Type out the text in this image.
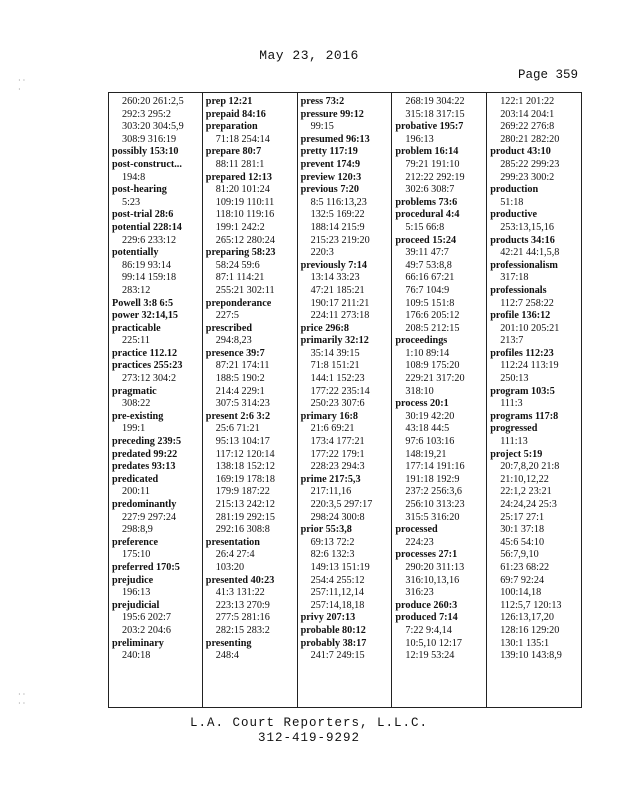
· ·
·
· ·
· ·
May 23, 2016
Page 359
260:20 261:2,5
292:3 295:2
303:20 304:5,9
308:9 316:19
possibly 153:10
post-construct...
194:8
post-hearing
5:23
post-trial 28:6
potential 228:14
229:6 233:12
potentially
86:19 93:14
99:14 159:18
283:12
Powell 3:8 6:5
power 32:14,15
practicable
225:11
practice 112.12
practices 255:23
273:12 304:2
pragmatic
308:22
pre-existing
199:1
preceding 239:5
predated 99:22
predates 93:13
predicated
200:11
predominantly
227:9 297:24
298:8,9
preference
175:10
preferred 170:5
prejudice
196:13
prejudicial
195:6 202:7
203:2 204:6
preliminary
240:18
prep 12:21
prepaid 84:16
preparation
71:18 254:14
prepare 80:7
88:11 281:1
prepared 12:13
81:20 101:24
109:19 110:11
118:10 119:16
199:1 242:2
265:12 280:24
preparing 58:23
58:24 59:6
87:1 114:21
255:21 302:11
preponderance
227:5
prescribed
294:8,23
presence 39:7
87:21 174:11
188:5 190:2
214:4 229:1
307:5 314:23
present 2:6 3:2
25:6 71:21
95:13 104:17
117:12 120:14
138:18 152:12
169:19 178:18
179:9 187:22
215:13 242:12
281:19 292:15
292:16 308:8
presentation
26:4 27:4
103:20
presented 40:23
41:3 131:22
223:13 270:9
277:5 281:16
282:15 283:2
presenting
248:4
press 73:2
pressure 99:12
99:15
presumed 96:13
pretty 117:19
prevent 174:9
preview 120:3
previous 7:20
8:5 116:13,23
132:5 169:22
188:14 215:9
215:23 219:20
220:3
previously 7:14
13:14 33:23
47:21 185:21
190:17 211:21
224:11 273:18
price 296:8
primarily 32:12
35:14 39:15
71:8 151:21
144:1 152:23
177:22 235:14
250:23 307:6
primary 16:8
21:6 69:21
173:4 177:21
177:22 179:1
228:23 294:3
prime 217:5,3
217:11,16
220:3,5 297:17
298:24 300:8
prior 55:3,8
69:13 72:2
82:6 132:3
149:13 151:19
254:4 255:12
257:11,12,14
257:14,18,18
privy 207:13
probable 80:12
probably 38:17
241:7 249:15
268:19 304:22
315:18 317:15
probative 195:7
196:13
problem 16:14
79:21 191:10
212:22 292:19
302:6 308:7
problems 73:6
procedural 4:4
5:15 66:8
proceed 15:24
39:11 47:7
49:7 53:8,8
66:16 67:21
76:7 104:9
109:5 151:8
176:6 205:12
208:5 212:15
proceedings
1:10 89:14
108:9 175:20
229:21 317:20
318:10
process 20:1
30:19 42:20
43:18 44:5
97:6 103:16
148:19,21
177:14 191:16
191:18 192:9
237:2 256:3,6
256:10 313:23
315:5 316:20
processed
224:23
processes 27:1
290:20 311:13
316:10,13,16
316:23
produce 260:3
produced 7:14
7:22 9:4,14
10:5,10 12:17
12:19 53:24
122:1 201:22
203:14 204:1
269:22 276:8
280:21 282:20
product 43:10
285:22 299:23
299:23 300:2
production
51:18
productive
253:13,15,16
products 34:16
42:21 44:1,5,8
professionalism
317:18
professionals
112:7 258:22
profile 136:12
201:10 205:21
213:7
profiles 112:23
112:24 113:19
250:13
program 103:5
111:3
programs 117:8
progressed
111:13
project 5:19
20:7,8,20 21:8
21:10,12,22
22:1,2 23:21
24:24,24 25:3
25:17 27:1
30:1 37:18
45:6 54:10
56:7,9,10
61:23 68:22
69:7 92:24
100:14,18
112:5,7 120:13
126:13,17,20
128:16 129:20
130:1 135:1
139:10 143:8,9
L.A. Court Reporters, L.L.C.
312-419-9292
